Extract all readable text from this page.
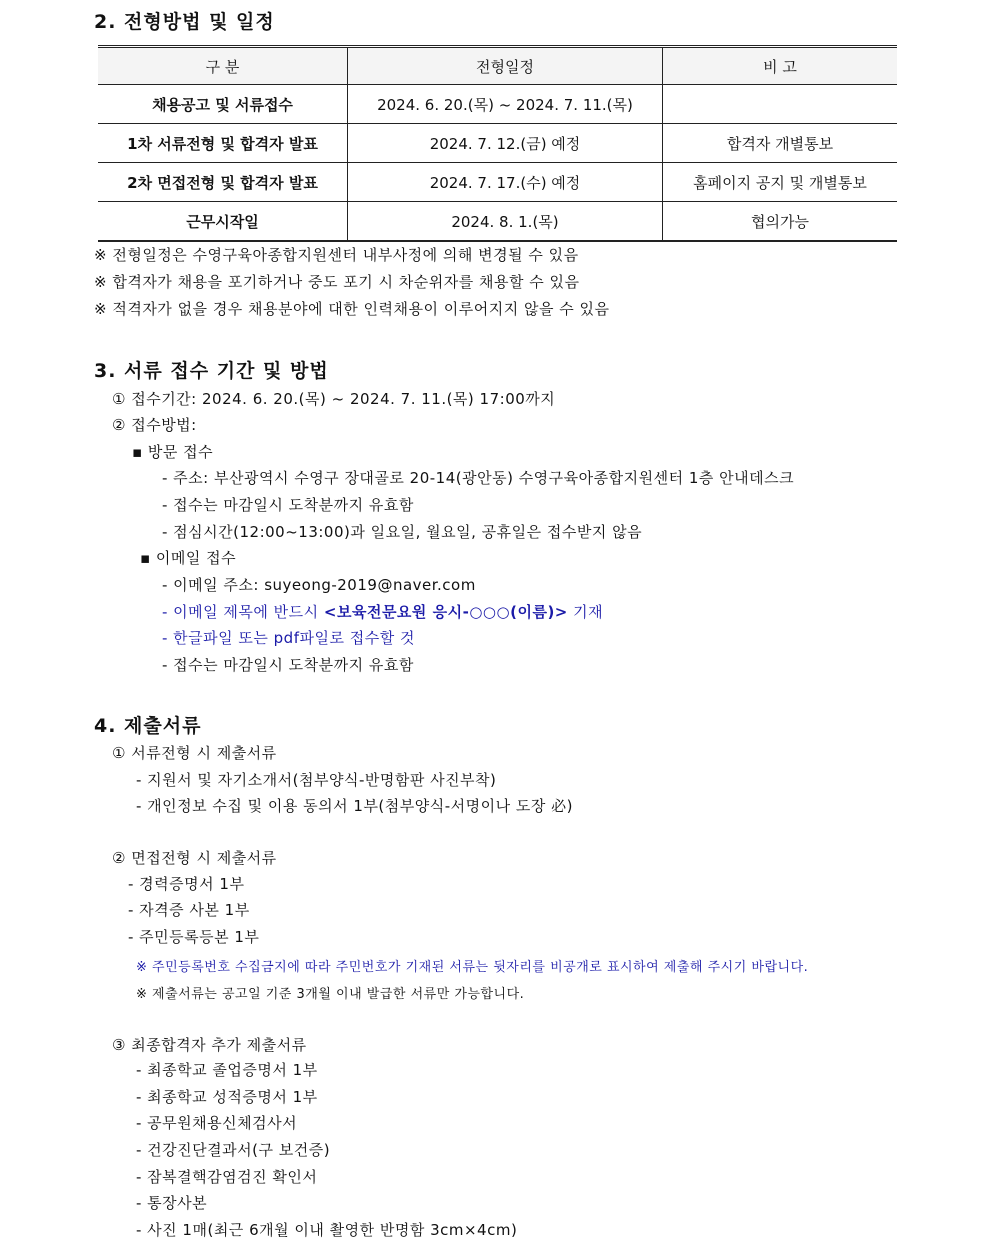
2. 전형방법 및 일정
구 분	전형일정	비 고
채용공고 및 서류접수	2024. 6. 20.(목) ~ 2024. 7. 11.(목)	
1차 서류전형 및 합격자 발표	2024. 7. 12.(금) 예정	합격자 개별통보
2차 면접전형 및 합격자 발표	2024. 7. 17.(수) 예정	홈페이지 공지 및 개별통보
근무시작일	2024. 8. 1.(목)	협의가능
※ 전형일정은 수영구육아종합지원센터 내부사정에 의해 변경될 수 있음
※ 합격자가 채용을 포기하거나 중도 포기 시 차순위자를 채용할 수 있음
※ 적격자가 없을 경우 채용분야에 대한 인력채용이 이루어지지 않을 수 있음
3. 서류 접수 기간 및 방법
① 접수기간: 2024. 6. 20.(목) ~ 2024. 7. 11.(목) 17:00까지
② 접수방법:
▪ 방문 접수
- 주소: 부산광역시 수영구 장대골로 20-14(광안동) 수영구육아종합지원센터 1층 안내데스크
- 접수는 마감일시 도착분까지 유효함
- 점심시간(12:00~13:00)과 일요일, 월요일, 공휴일은 접수받지 않음
▪ 이메일 접수
- 이메일 주소: suyeong-2019@naver.com
- 이메일 제목에 반드시 <보육전문요원 응시-○○○(이름)> 기재
- 한글파일 또는 pdf파일로 접수할 것
- 접수는 마감일시 도착분까지 유효함
4. 제출서류
① 서류전형 시 제출서류
- 지원서 및 자기소개서(첨부양식-반명함판 사진부착)
- 개인정보 수집 및 이용 동의서 1부(첨부양식-서명이나 도장 必)
② 면접전형 시 제출서류
- 경력증명서 1부
- 자격증 사본 1부
- 주민등록등본 1부
※ 주민등록번호 수집금지에 따라 주민번호가 기재된 서류는 뒷자리를 비공개로 표시하여 제출해 주시기 바랍니다.
※ 제출서류는 공고일 기준 3개월 이내 발급한 서류만 가능합니다.
③ 최종합격자 추가 제출서류
- 최종학교 졸업증명서 1부
- 최종학교 성적증명서 1부
- 공무원채용신체검사서
- 건강진단결과서(구 보건증)
- 잠복결핵감염검진 확인서
- 통장사본
- 사진 1매(최근 6개월 이내 촬영한 반명함 3cm×4cm)
